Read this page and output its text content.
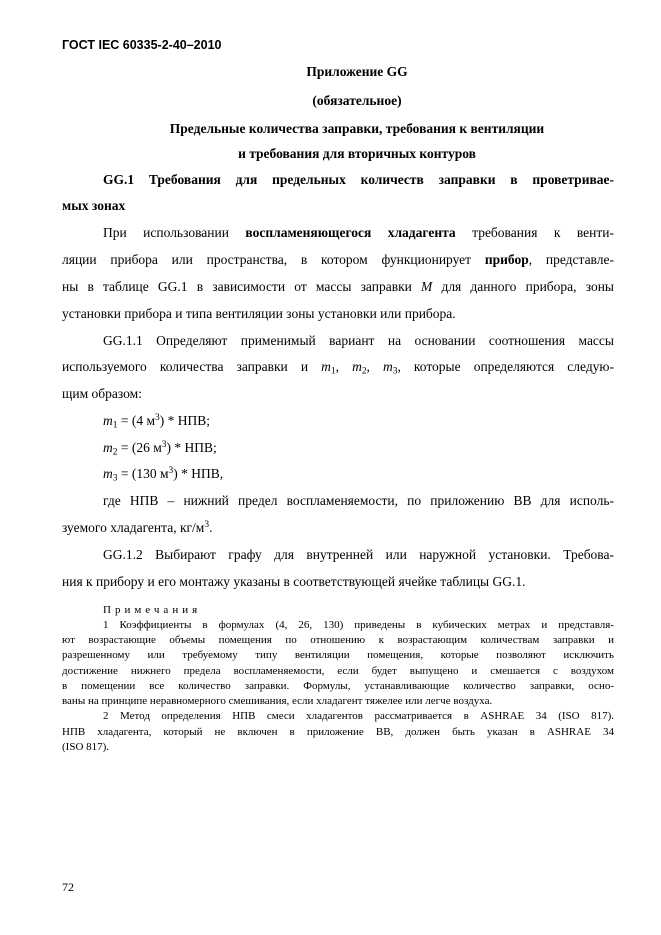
ГОСТ IEC 60335-2-40–2010
Приложение GG
(обязательное)
Предельные количества заправки, требования к вентиляции
и требования для вторичных контуров
GG.1 Требования для предельных количеств заправки в проветривае-
мых зонах
При использовании воспламеняющегося хладагента требования к венти-
ляции прибора или пространства, в котором функционирует прибор, представле-
ны в таблице GG.1 в зависимости от массы заправки M для данного прибора, зоны
установки прибора и типа вентиляции зоны установки или прибора.
GG.1.1 Определяют применимый вариант на основании соотношения массы
используемого количества заправки и $m_1$, $m_2$, $m_3$, которые определяются следую-
щим образом:
$m_1 = (4$ $м^3$) * НПВ;
$m_2 = (26$ $м^3$) * НПВ;
$m_3 = (130$ $м^3$) * НПВ,
где НПВ – нижний предел воспламеняемости, по приложению ВВ для исполь-
зуемого хладагента, $кг/м^3$.
GG.1.2 Выбирают графу для внутренней или наружной установки. Требова-
ния к прибору и его монтажу указаны в соответствующей ячейке таблицы GG.1.
Примечания
1 Коэффициенты в формулах (4, 26, 130) приведены в кубических метрах и представля-
ют возрастающие объемы помещения по отношению к возрастающим количествам заправки и
разрешенному или требуемому типу вентиляции помещения, которые позволяют исключить
достижение нижнего предела воспламеняемости, если будет выпущено и смешается с воздухом
в помещении все количество заправки. Формулы, устанавливающие количество заправки, осно-
ваны на принципе неравномерного смешивания, если хладагент тяжелее или легче воздуха.
2 Метод определения НПВ смеси хладагентов рассматривается в ASHRAE 34 (ISO 817).
НПВ хладагента, который не включен в приложение ВВ, должен быть указан в ASHRAE 34
(ISO 817).
72
